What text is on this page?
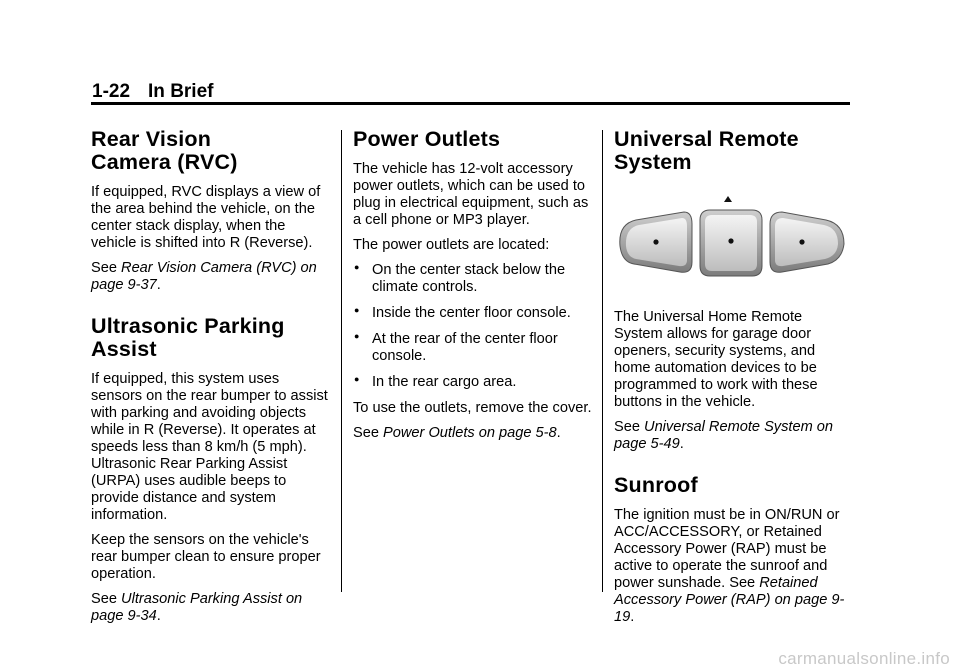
1-22 In Brief
Rear Vision
Camera (RVC)

If equipped, RVC displays a view of the area behind the vehicle, on the center stack display, when the vehicle is shifted into R (Reverse).

See Rear Vision Camera (RVC) on page 9-37.

Ultrasonic Parking Assist

If equipped, this system uses sensors on the rear bumper to assist with parking and avoiding objects while in R (Reverse). It operates at speeds less than 8 km/h (5 mph). Ultrasonic Rear Parking Assist (URPA) uses audible beeps to provide distance and system information.

Keep the sensors on the vehicle's rear bumper clean to ensure proper operation.

See Ultrasonic Parking Assist on page 9-34.

Power Outlets

The vehicle has 12-volt accessory power outlets, which can be used to plug in electrical equipment, such as a cell phone or MP3 player.

The power outlets are located:

● On the center stack below the climate controls.
● Inside the center floor console.
● At the rear of the center floor console.
● In the rear cargo area.

To use the outlets, remove the cover.

See Power Outlets on page 5-8.

Universal Remote System

The Universal Home Remote System allows for garage door openers, security systems, and home automation devices to be programmed to work with these buttons in the vehicle.

See Universal Remote System on page 5-49.

Sunroof

The ignition must be in ON/RUN or ACC/ACCESSORY, or Retained Accessory Power (RAP) must be active to operate the sunroof and power sunshade. See Retained Accessory Power (RAP) on page 9-19.

carmanualsonline.info
